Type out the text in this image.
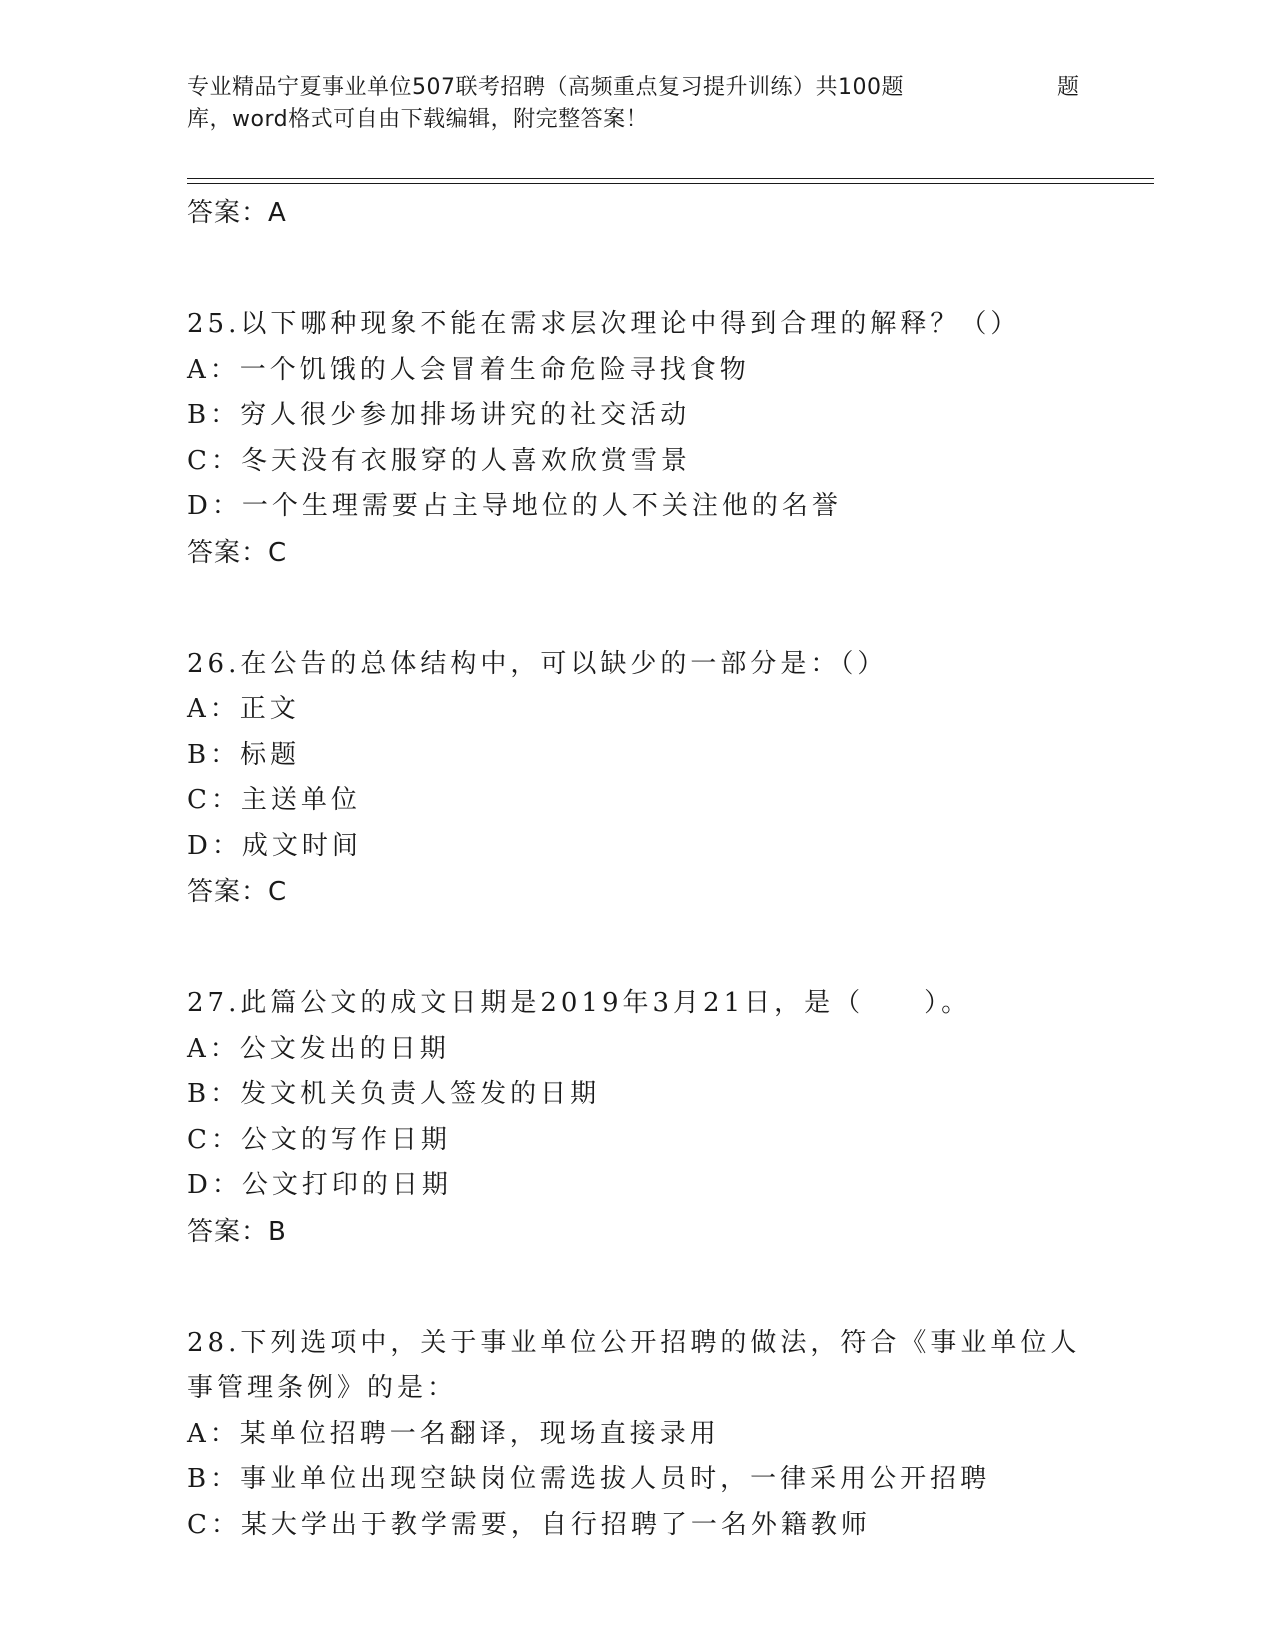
专业精品宁夏事业单位507联考招聘（高频重点复习提升训练）共100题	题
库，word格式可自由下载编辑，附完整答案！
答案：A
25.以下哪种现象不能在需求层次理论中得到合理的解释？（）
A：一个饥饿的人会冒着生命危险寻找食物
B：穷人很少参加排场讲究的社交活动
C：冬天没有衣服穿的人喜欢欣赏雪景
D：一个生理需要占主导地位的人不关注他的名誉
答案：C
26.在公告的总体结构中，可以缺少的一部分是：（）
A：正文
B：标题
C：主送单位
D：成文时间
答案：C
27.此篇公文的成文日期是2019年3月21日，是（　　）。
A：公文发出的日期
B：发文机关负责人签发的日期
C：公文的写作日期
D：公文打印的日期
答案：B
28.下列选项中，关于事业单位公开招聘的做法，符合《事业单位人事管理条例》的是：
A：某单位招聘一名翻译，现场直接录用
B：事业单位出现空缺岗位需选拔人员时，一律采用公开招聘
C：某大学出于教学需要，自行招聘了一名外籍教师
